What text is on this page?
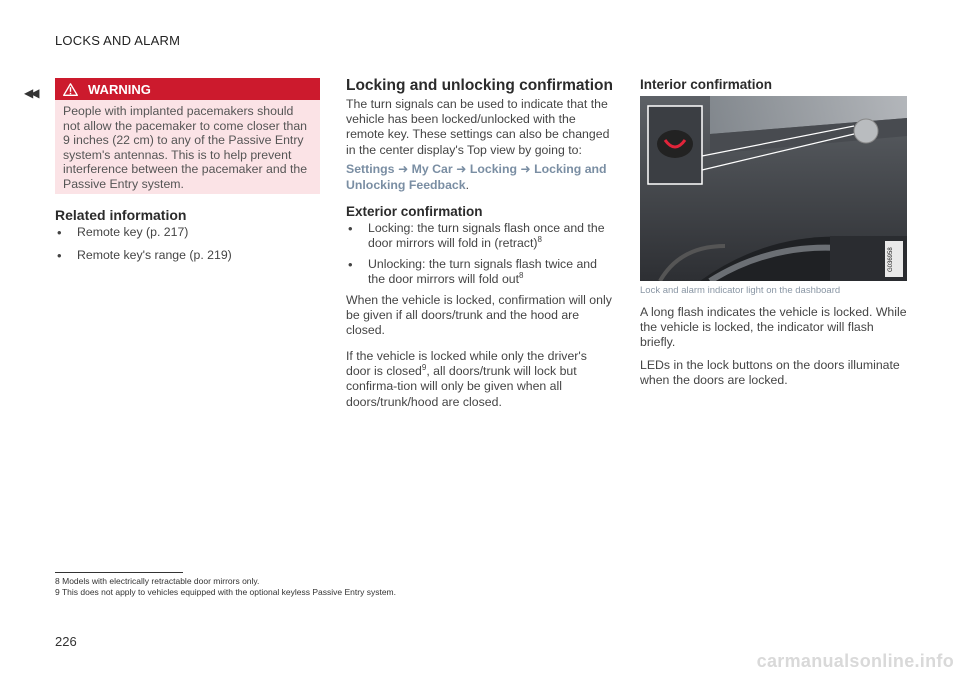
LOCKS AND ALARM
◀◀	WARNING
People with implanted pacemakers should not allow the pacemaker to come closer than 9 inches (22 cm) to any of the Passive Entry system's antennas. This is to help prevent interference between the pacemaker and the Passive Entry system.
Related information
• Remote key (p. 217)
• Remote key's range (p. 219)
Locking and unlocking confirmation

The turn signals can be used to indicate that the vehicle has been locked/unlocked with the remote key. These settings can also be changed in the center display's Top view by going to:

Settings ➜ My Car ➜ Locking ➜ Locking and Unlocking Feedback.
Exterior confirmation
• Locking: the turn signals flash once and the door mirrors will fold in (retract)$^8$
• Unlocking: the turn signals flash twice and the door mirrors will fold out$^8$

When the vehicle is locked, confirmation will only be given if all doors/trunk and the hood are closed.

If the vehicle is locked while only the driver's door is closed$^9$, all doors/trunk will lock but confirma-tion will only be given when all doors/trunk/hood are closed.

Interior confirmation
G036958
Lock and alarm indicator light on the dashboard

A long flash indicates the vehicle is locked. While the vehicle is locked, the indicator will flash briefly.

LEDs in the lock buttons on the doors illuminate when the doors are locked.

8 Models with electrically retractable door mirrors only.
9 This does not apply to vehicles equipped with the optional keyless Passive Entry system.
226
carmanualsonline.info
